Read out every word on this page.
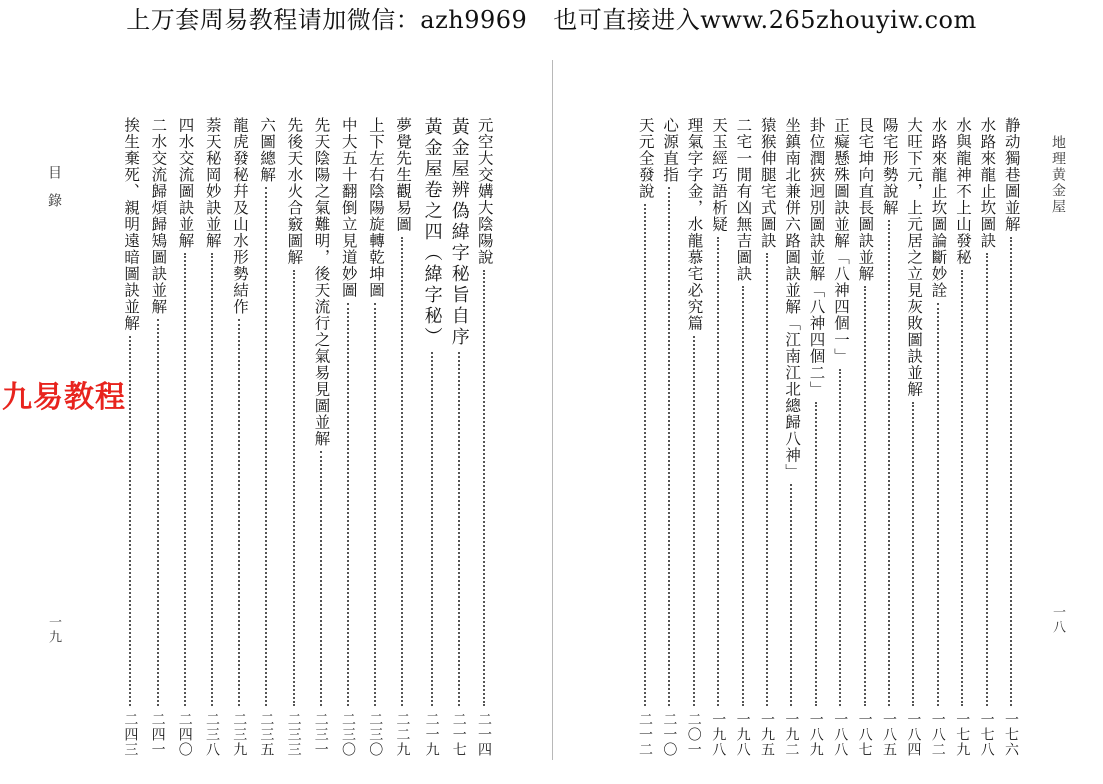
上万套周易教程请加微信：azh9969 也可直接进入www.265zhouyiw.com
目錄
一九
元空大交媾大陰陽說
二一四
黃金屋辨偽緯字秘旨自序
二一七
黃金屋卷之四（緯字秘）
二一九
夢覺先生觀易圖
二二九
上下左右陰陽旋轉乾坤圖
二三〇
中大五十翻倒立見道妙圖
二三〇
先天陰陽之氣難明，後天流行之氣易見圖並解
二三一
先後天水火合竅圖解
二三三
六圖總解
二三五
龍虎發秘幷及山水形勢結作
二三九
萘天秘岡妙訣並解
二三八
四水交流圖訣並解
二四〇
二水交流歸煩歸鴙圖訣並解
二四一
挨生棄死、親明遠暗圖訣並解
二四三
地理黄金屋
一八
静动獨巷圖並解
一七六
水路來龍止坎圖訣
一七八
水與龍神不上山發秘
一七九
水路來龍止坎圖論斷妙詮
一八二
大旺下元，上元居之立見灰敗圖訣並解
一八四
陽宅形勢說解
一八五
艮宅坤向直長圖訣並解
一八七
正癡懸殊圖訣並解「八神四個一」
一八八
卦位潤狹迥別圖訣並解「八神四個二」
一八九
坐鎮南北兼併六路圖訣並解「江南江北總歸八神」
一九二
猿猴伸腿宅式圖訣
一九五
二宅一閒有凶無吉圖訣
一九八
天玉經巧語析疑
一九八
理氣字字金，水龍慕宅必究篇
二〇一
心源直指
二一〇
天元全發說
二一二
九易教程
